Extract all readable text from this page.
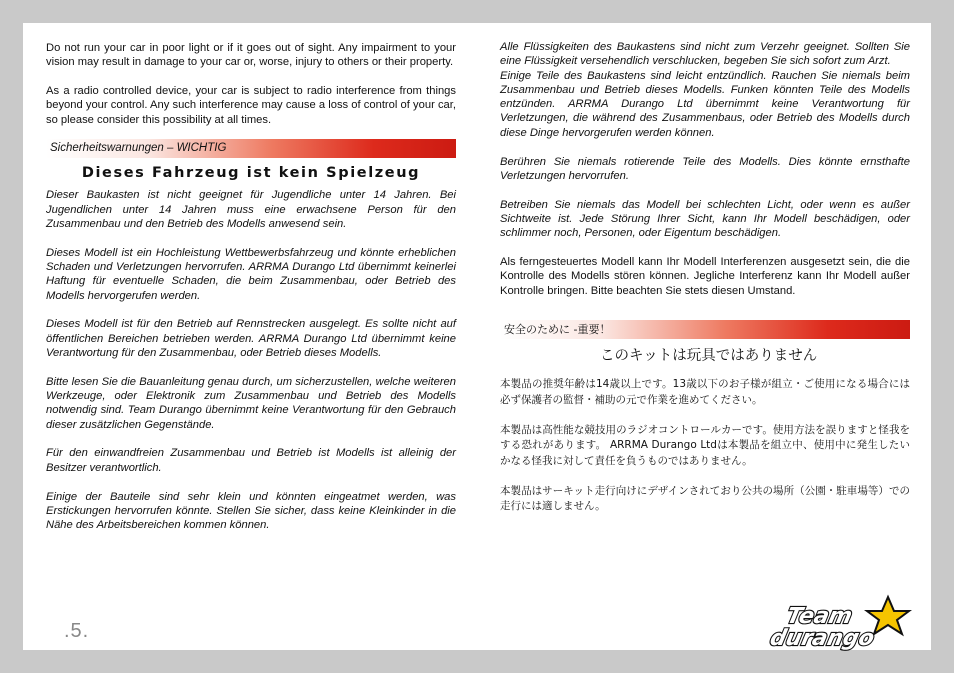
Do not run your car in poor light or if it goes out of sight. Any impairment to your vision may result in damage to your car or, worse, injury to others or their property.

As a radio controlled device, your car is subject to radio interference from things beyond your control. Any such interference may cause a loss of control of your car, so please consider this possibility at all times.

Sicherheitswarnungen – WICHTIG
Dieses Fahrzeug ist kein Spielzeug

Dieser Baukasten ist nicht geeignet für Jugendliche unter 14 Jahren. Bei Jugendlichen unter 14 Jahren muss eine erwachsene Person für den Zusammenbau und den Betrieb des Modells anwesend sein.

Dieses Modell ist ein Hochleistung Wettbewerbsfahrzeug und könnte erheblichen Schaden und Verletzungen hervorrufen. ARRMA Durango Ltd übernimmt keinerlei Haftung für eventuelle Schaden, die beim Zusammenbau, oder Betrieb des Modells hervorgerufen werden.

Dieses Modell ist für den Betrieb auf Rennstrecken ausgelegt. Es sollte nicht auf öffentlichen Bereichen betrieben werden. ARRMA Durango Ltd übernimmt keine Verantwortung für den Zusammenbau, oder Betrieb dieses Modells.

Bitte lesen Sie die Bauanleitung genau durch, um sicherzustellen, welche weiteren Werkzeuge, oder Elektronik zum Zusammenbau und Betrieb des Modells notwendig sind. Team Durango übernimmt keine Verantwortung für den Gebrauch dieser zusätzlichen Gegenstände.

Für den einwandfreien Zusammenbau und Betrieb ist Modells ist alleinig der Besitzer verantwortlich.

Einige der Bauteile sind sehr klein und könnten eingeatmet werden, was Erstickungen hervorrufen könnte. Stellen Sie sicher, dass keine Kleinkinder in die Nähe des Arbeitsbereichen kommen können.

Alle Flüssigkeiten des Baukastens sind nicht zum Verzehr geeignet. Sollten Sie eine Flüssigkeit versehendlich verschlucken, begeben Sie sich sofort zum Arzt.
Einige Teile des Baukastens sind leicht entzündlich. Rauchen Sie niemals beim Zusammenbau und Betrieb dieses Modells. Funken könnten Teile des Modells entzünden. ARRMA Durango Ltd übernimmt keine Verantwortung für Verletzungen, die während des Zusammenbaus, oder Betrieb des Modells durch diese Dinge hervorgerufen werden können.

Berühren Sie niemals rotierende Teile des Modells. Dies könnte ernsthafte Verletzungen hervorrufen.

Betreiben Sie niemals das Modell bei schlechten Licht, oder wenn es außer Sichtweite ist. Jede Störung Ihrer Sicht, kann Ihr Modell beschädigen, oder schlimmer noch, Personen, oder Eigentum beschädigen.

Als ferngesteuertes Modell kann Ihr Modell Interferenzen ausgesetzt sein, die die Kontrolle des Modells stören können. Jegliche Interferenz kann Ihr Modell außer Kontrolle bringen. Bitte beachten Sie stets diesen Umstand.

安全のために -重要！
このキットは玩具ではありません

本製品の推奨年齢は14歳以上です。13歳以下のお子様が組立・ご使用になる場合には必ず保護者の監督・補助の元で作業を進めてください。

本製品は高性能な競技用のラジオコントロールカーです。使用方法を誤りますと怪我をする恐れがあります。 ARRMA Durango Ltdは本製品を組立中、使用中に発生したいかなる怪我に対して責任を負うものではありません。

本製品はサーキット走行向けにデザインされており公共の場所（公園・駐車場等）での走行には適しません。

.5.
Team
durango
